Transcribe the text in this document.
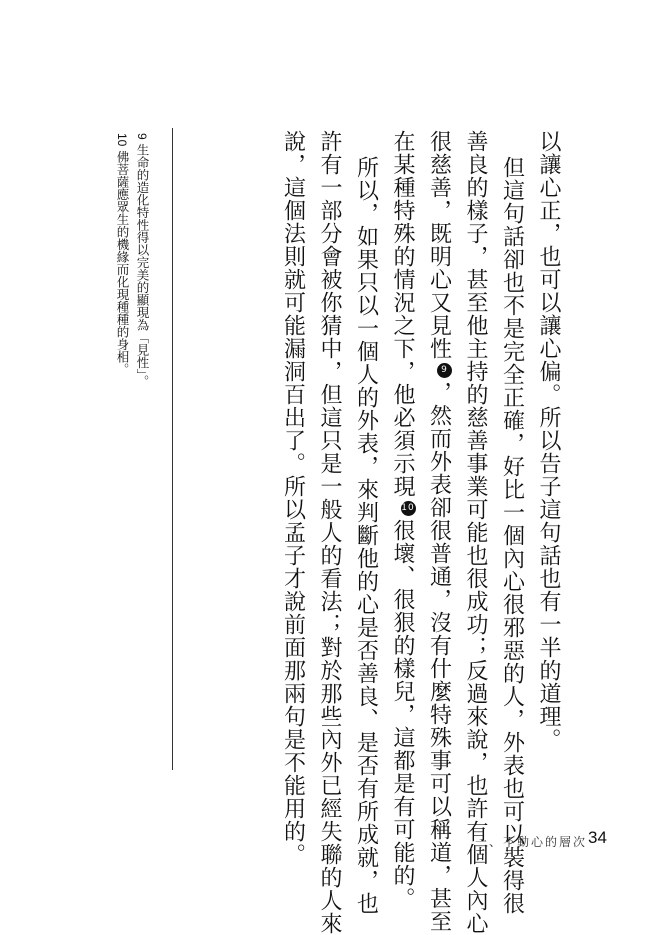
以讓心正，也可以讓心偏。所以告子這句話也有一半的道理。

但這句話卻也不是完全正確，好比一個內心很邪惡的人，外表也可以裝得很

善良的樣子，甚至他主持的慈善事業可能也很成功；反過來說，也許有個人內心

很慈善，既明心又見性9，然而外表卻很普通，沒有什麼特殊事可以稱道，甚至

在某種特殊的情況之下，他必須示現10很壞、很狠的樣兒，這都是有可能的。

所以，如果只以一個人的外表，來判斷他的心是否善良、是否有所成就，也

許有一部分會被你猜中，但這只是一般人的看法；對於那些內外已經失聯的人來

說，這個法則就可能漏洞百出了。所以孟子才說前面那兩句是不能用的。

9 生命的造化特性得以完美的顯現為「見性」。
10 佛菩薩應眾生的機緣而化現種種的身相。
一、不動心的層次 34
